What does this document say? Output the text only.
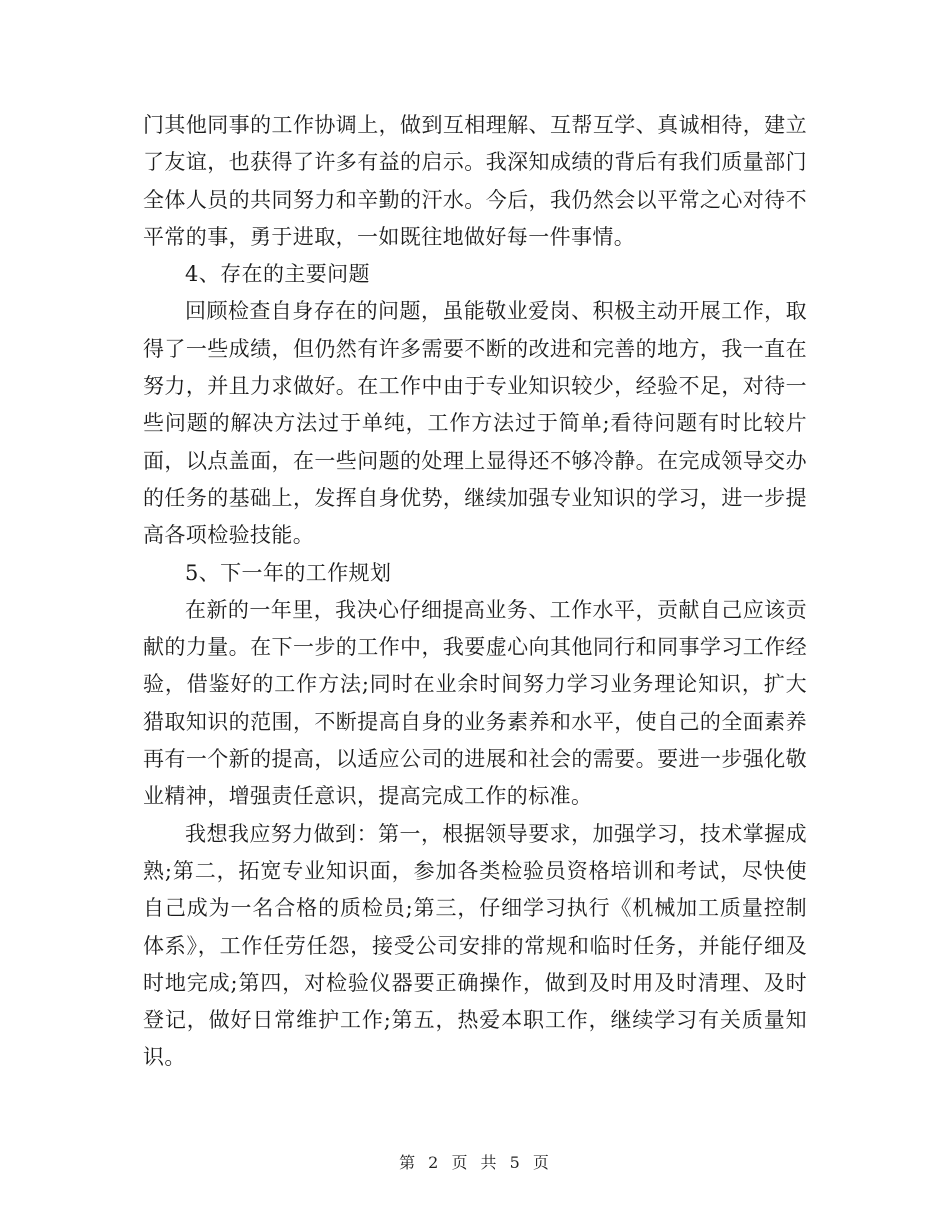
门其他同事的工作协调上，做到互相理解、互帮互学、真诚相待，建立了友谊，也获得了许多有益的启示。我深知成绩的背后有我们质量部门全体人员的共同努力和辛勤的汗水。今后，我仍然会以平常之心对待不平常的事，勇于进取，一如既往地做好每一件事情。

4、存在的主要问题

回顾检查自身存在的问题，虽能敬业爱岗、积极主动开展工作，取得了一些成绩，但仍然有许多需要不断的改进和完善的地方，我一直在努力，并且力求做好。在工作中由于专业知识较少，经验不足，对待一些问题的解决方法过于单纯，工作方法过于简单;看待问题有时比较片面，以点盖面，在一些问题的处理上显得还不够冷静。在完成领导交办的任务的基础上，发挥自身优势，继续加强专业知识的学习，进一步提高各项检验技能。

5、下一年的工作规划

在新的一年里，我决心仔细提高业务、工作水平，贡献自己应该贡献的力量。在下一步的工作中，我要虚心向其他同行和同事学习工作经验，借鉴好的工作方法;同时在业余时间努力学习业务理论知识，扩大猎取知识的范围，不断提高自身的业务素养和水平，使自己的全面素养再有一个新的提高，以适应公司的进展和社会的需要。要进一步强化敬业精神，增强责任意识，提高完成工作的标准。

我想我应努力做到：第一，根据领导要求，加强学习，技术掌握成熟;第二，拓宽专业知识面，参加各类检验员资格培训和考试，尽快使自己成为一名合格的质检员;第三，仔细学习执行《机械加工质量控制体系》，工作任劳任怨，接受公司安排的常规和临时任务，并能仔细及时地完成;第四，对检验仪器要正确操作，做到及时用及时清理、及时登记，做好日常维护工作;第五，热爱本职工作，继续学习有关质量知识。

第 2 页 共 5 页
